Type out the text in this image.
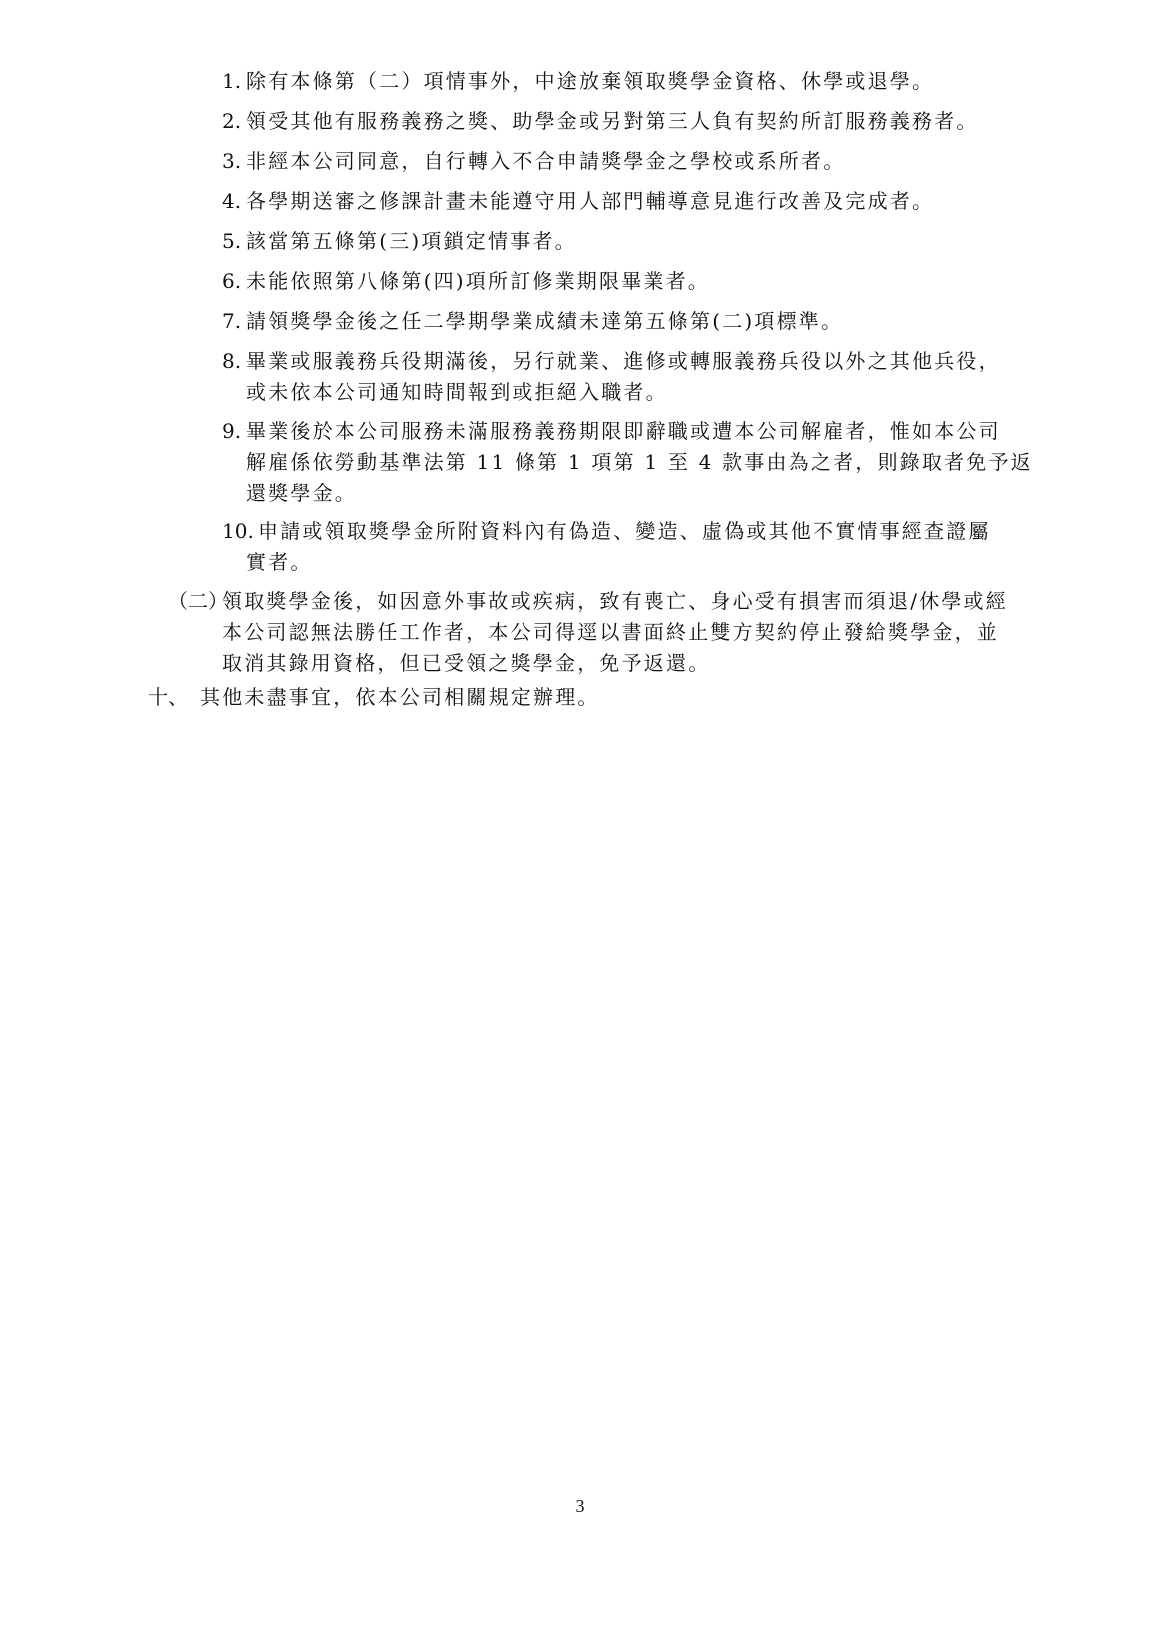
1. 除有本條第（二）項情事外，中途放棄領取獎學金資格、休學或退學。
2. 領受其他有服務義務之獎、助學金或另對第三人負有契約所訂服務義務者。
3. 非經本公司同意，自行轉入不合申請獎學金之學校或系所者。
4. 各學期送審之修課計畫未能遵守用人部門輔導意見進行改善及完成者。
5. 該當第五條第(三)項鎖定情事者。
6. 未能依照第八條第(四)項所訂修業期限畢業者。
7. 請領獎學金後之任二學期學業成績未達第五條第(二)項標準。
8. 畢業或服義務兵役期滿後，另行就業、進修或轉服義務兵役以外之其他兵役，
或未依本公司通知時間報到或拒絕入職者。
9. 畢業後於本公司服務未滿服務義務期限即辭職或遭本公司解雇者，惟如本公司
解雇係依勞動基準法第 11 條第 1 項第 1 至 4 款事由為之者，則錄取者免予返
還獎學金。
10. 申請或領取獎學金所附資料內有偽造、變造、虛偽或其他不實情事經查證屬
實者。
（二）
領取獎學金後，如因意外事故或疾病，致有喪亡、身心受有損害而須退/休學或經
本公司認無法勝任工作者，本公司得逕以書面終止雙方契約停止發給獎學金，並
取消其錄用資格，但已受領之獎學金，免予返還。
十、 其他未盡事宜，依本公司相關規定辦理。
3
